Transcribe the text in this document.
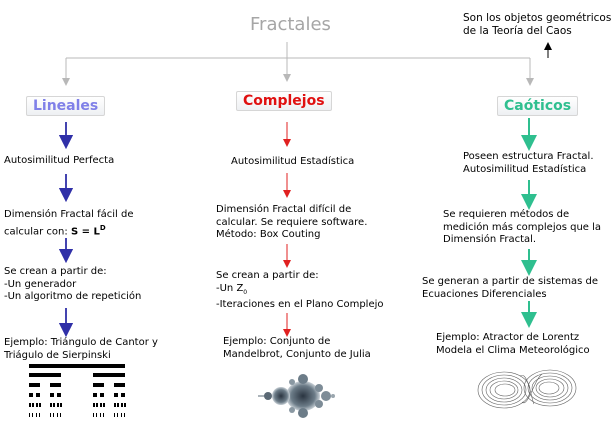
Fractales	Son los objetos geométricos
de la Teoría del Caos
Lineales	Complejos	Caóticos
Autosimilitud Perfecta
Dimensión Fractal fácil de
calcular con: $S = L^D$
Se crean a partir de:
-Un generador
-Un algoritmo de repetición
Ejemplo: Triángulo de Cantor y
Triágulo de Sierpinski
Autosimilitud Estadística
Dimensión Fractal difícil de
calcular. Se requiere software.
Método: Box Couting
Se crean a partir de:
-Un $Z_0$
-Iteraciones en el Plano Complejo
Ejemplo: Conjunto de
Mandelbrot, Conjunto de Julia
Poseen estructura Fractal.
Autosimilitud Estadística
Se requieren métodos de
medición más complejos que la
Dimensión Fractal.
Se generan a partir de sistemas de
Ecuaciones Diferenciales
Ejemplo: Atractor de Lorentz
Modela el Clima Meteorológico
